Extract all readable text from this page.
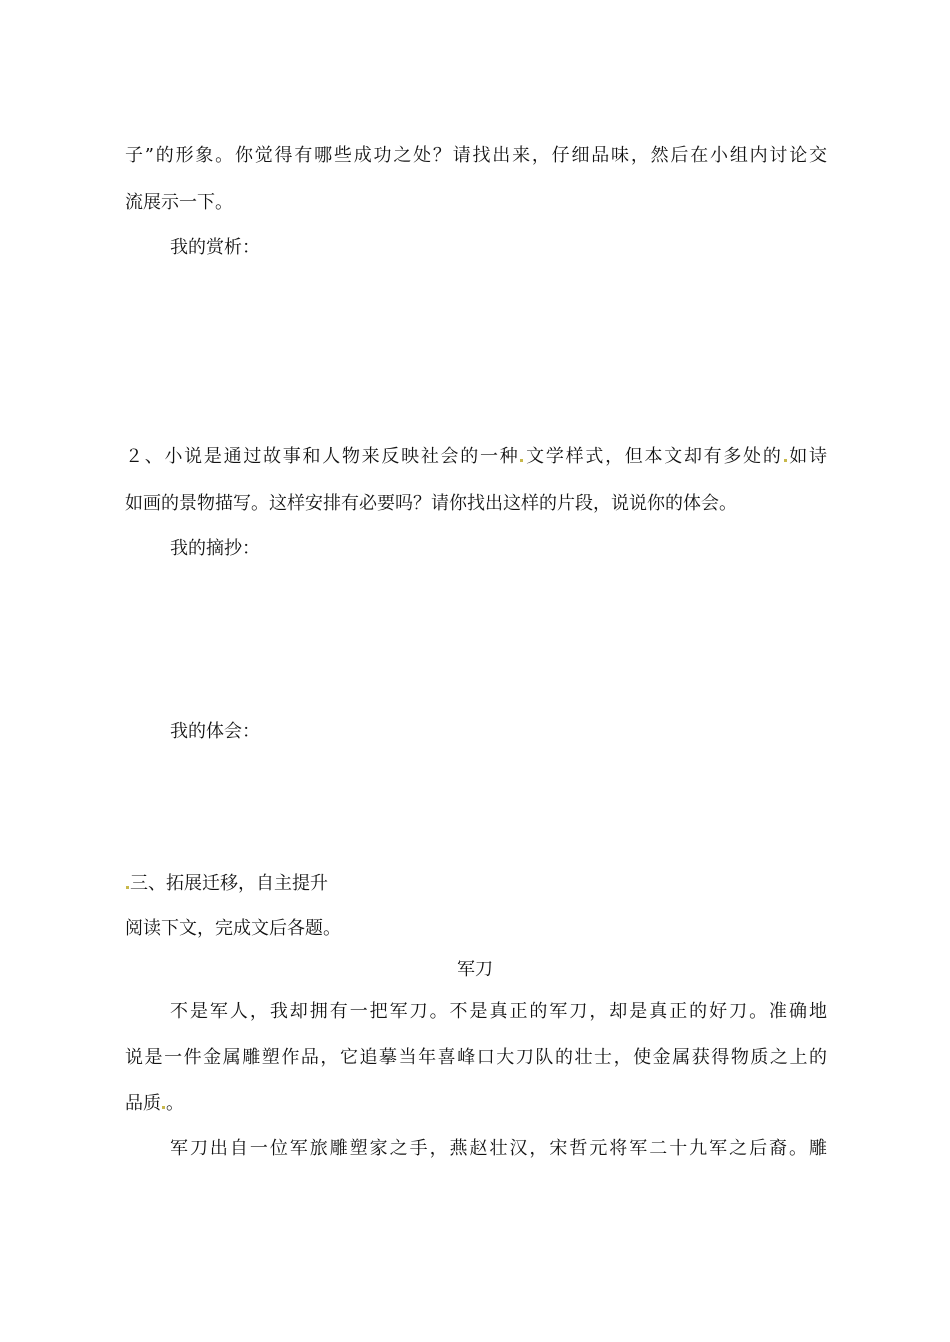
子”的形象。你觉得有哪些成功之处？请找出来，仔细品味，然后在小组内讨论交

流展示一下。

我的赏析：

２、小说是通过故事和人物来反映社会的一种 文学样式，但本文却有多处的 如诗

如画的景物描写。这样安排有必要吗？请你找出这样的片段，说说你的体会。

我的摘抄：

我的体会：

三、拓展迁移，自主提升

阅读下文，完成文后各题。

军刀

不是军人，我却拥有一把军刀。不是真正的军刀，却是真正的好刀。准确地

说是一件金属雕塑作品，它追摹当年喜峰口大刀队的壮士，使金属获得物质之上的

品质 。

军刀出自一位军旅雕塑家之手，燕赵壮汉，宋哲元将军二十九军之后裔。雕
